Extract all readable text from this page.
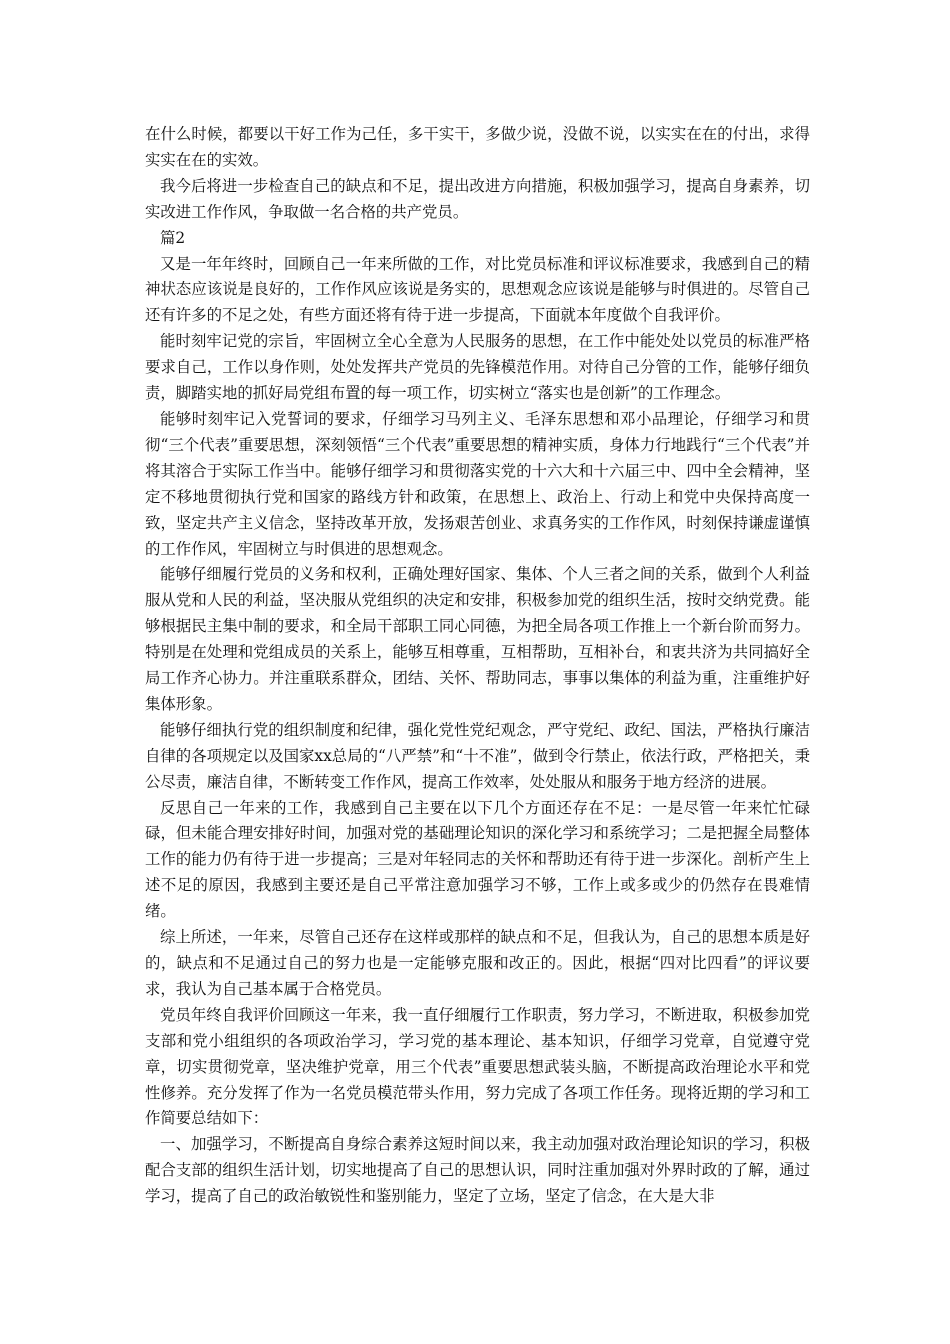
在什么时候，都要以干好工作为己任，多干实干，多做少说，没做不说，以实实在在的付出，求得实实在在的实效。

我今后将进一步检查自己的缺点和不足，提出改进方向措施，积极加强学习，提高自身素养，切实改进工作作风，争取做一名合格的共产党员。

篇2

又是一年年终时，回顾自己一年来所做的工作，对比党员标准和评议标准要求，我感到自己的精神状态应该说是良好的，工作作风应该说是务实的，思想观念应该说是能够与时俱进的。尽管自己还有许多的不足之处，有些方面还将有待于进一步提高，下面就本年度做个自我评价。

能时刻牢记党的宗旨，牢固树立全心全意为人民服务的思想，在工作中能处处以党员的标准严格要求自己，工作以身作则，处处发挥共产党员的先锋模范作用。对待自己分管的工作，能够仔细负责，脚踏实地的抓好局党组布置的每一项工作，切实树立“落实也是创新”的工作理念。

能够时刻牢记入党誓词的要求，仔细学习马列主义、毛泽东思想和邓小品理论，仔细学习和贯彻“三个代表”重要思想，深刻领悟“三个代表”重要思想的精神实质，身体力行地践行“三个代表”并将其溶合于实际工作当中。能够仔细学习和贯彻落实党的十六大和十六届三中、四中全会精神，坚定不移地贯彻执行党和国家的路线方针和政策，在思想上、政治上、行动上和党中央保持高度一致，坚定共产主义信念，坚持改革开放，发扬艰苦创业、求真务实的工作作风，时刻保持谦虚谨慎的工作作风，牢固树立与时俱进的思想观念。

能够仔细履行党员的义务和权利，正确处理好国家、集体、个人三者之间的关系，做到个人利益服从党和人民的利益，坚决服从党组织的决定和安排，积极参加党的组织生活，按时交纳党费。能够根据民主集中制的要求，和全局干部职工同心同德，为把全局各项工作推上一个新台阶而努力。特别是在处理和党组成员的关系上，能够互相尊重，互相帮助，互相补台，和衷共济为共同搞好全局工作齐心协力。并注重联系群众，团结、关怀、帮助同志，事事以集体的利益为重，注重维护好集体形象。

能够仔细执行党的组织制度和纪律，强化党性党纪观念，严守党纪、政纪、国法，严格执行廉洁自律的各项规定以及国家xx总局的“八严禁”和“十不准”，做到令行禁止，依法行政，严格把关，秉公尽责，廉洁自律，不断转变工作作风，提高工作效率，处处服从和服务于地方经济的进展。

反思自己一年来的工作，我感到自己主要在以下几个方面还存在不足：一是尽管一年来忙忙碌碌，但未能合理安排好时间，加强对党的基础理论知识的深化学习和系统学习；二是把握全局整体工作的能力仍有待于进一步提高；三是对年轻同志的关怀和帮助还有待于进一步深化。剖析产生上述不足的原因，我感到主要还是自己平常注意加强学习不够，工作上或多或少的仍然存在畏难情绪。

综上所述，一年来，尽管自己还存在这样或那样的缺点和不足，但我认为，自己的思想本质是好的，缺点和不足通过自己的努力也是一定能够克服和改正的。因此，根据“四对比四看”的评议要求，我认为自己基本属于合格党员。

党员年终自我评价回顾这一年来，我一直仔细履行工作职责，努力学习，不断进取，积极参加党支部和党小组组织的各项政治学习，学习党的基本理论、基本知识，仔细学习党章，自觉遵守党章，切实贯彻党章，坚决维护党章，用三个代表”重要思想武装头脑，不断提高政治理论水平和党性修养。充分发挥了作为一名党员模范带头作用，努力完成了各项工作任务。现将近期的学习和工作简要总结如下：

一、加强学习，不断提高自身综合素养这短时间以来，我主动加强对政治理论知识的学习，积极配合支部的组织生活计划，切实地提高了自己的思想认识，同时注重加强对外界时政的了解，通过学习，提高了自己的政治敏锐性和鉴别能力，坚定了立场，坚定了信念，在大是大非
